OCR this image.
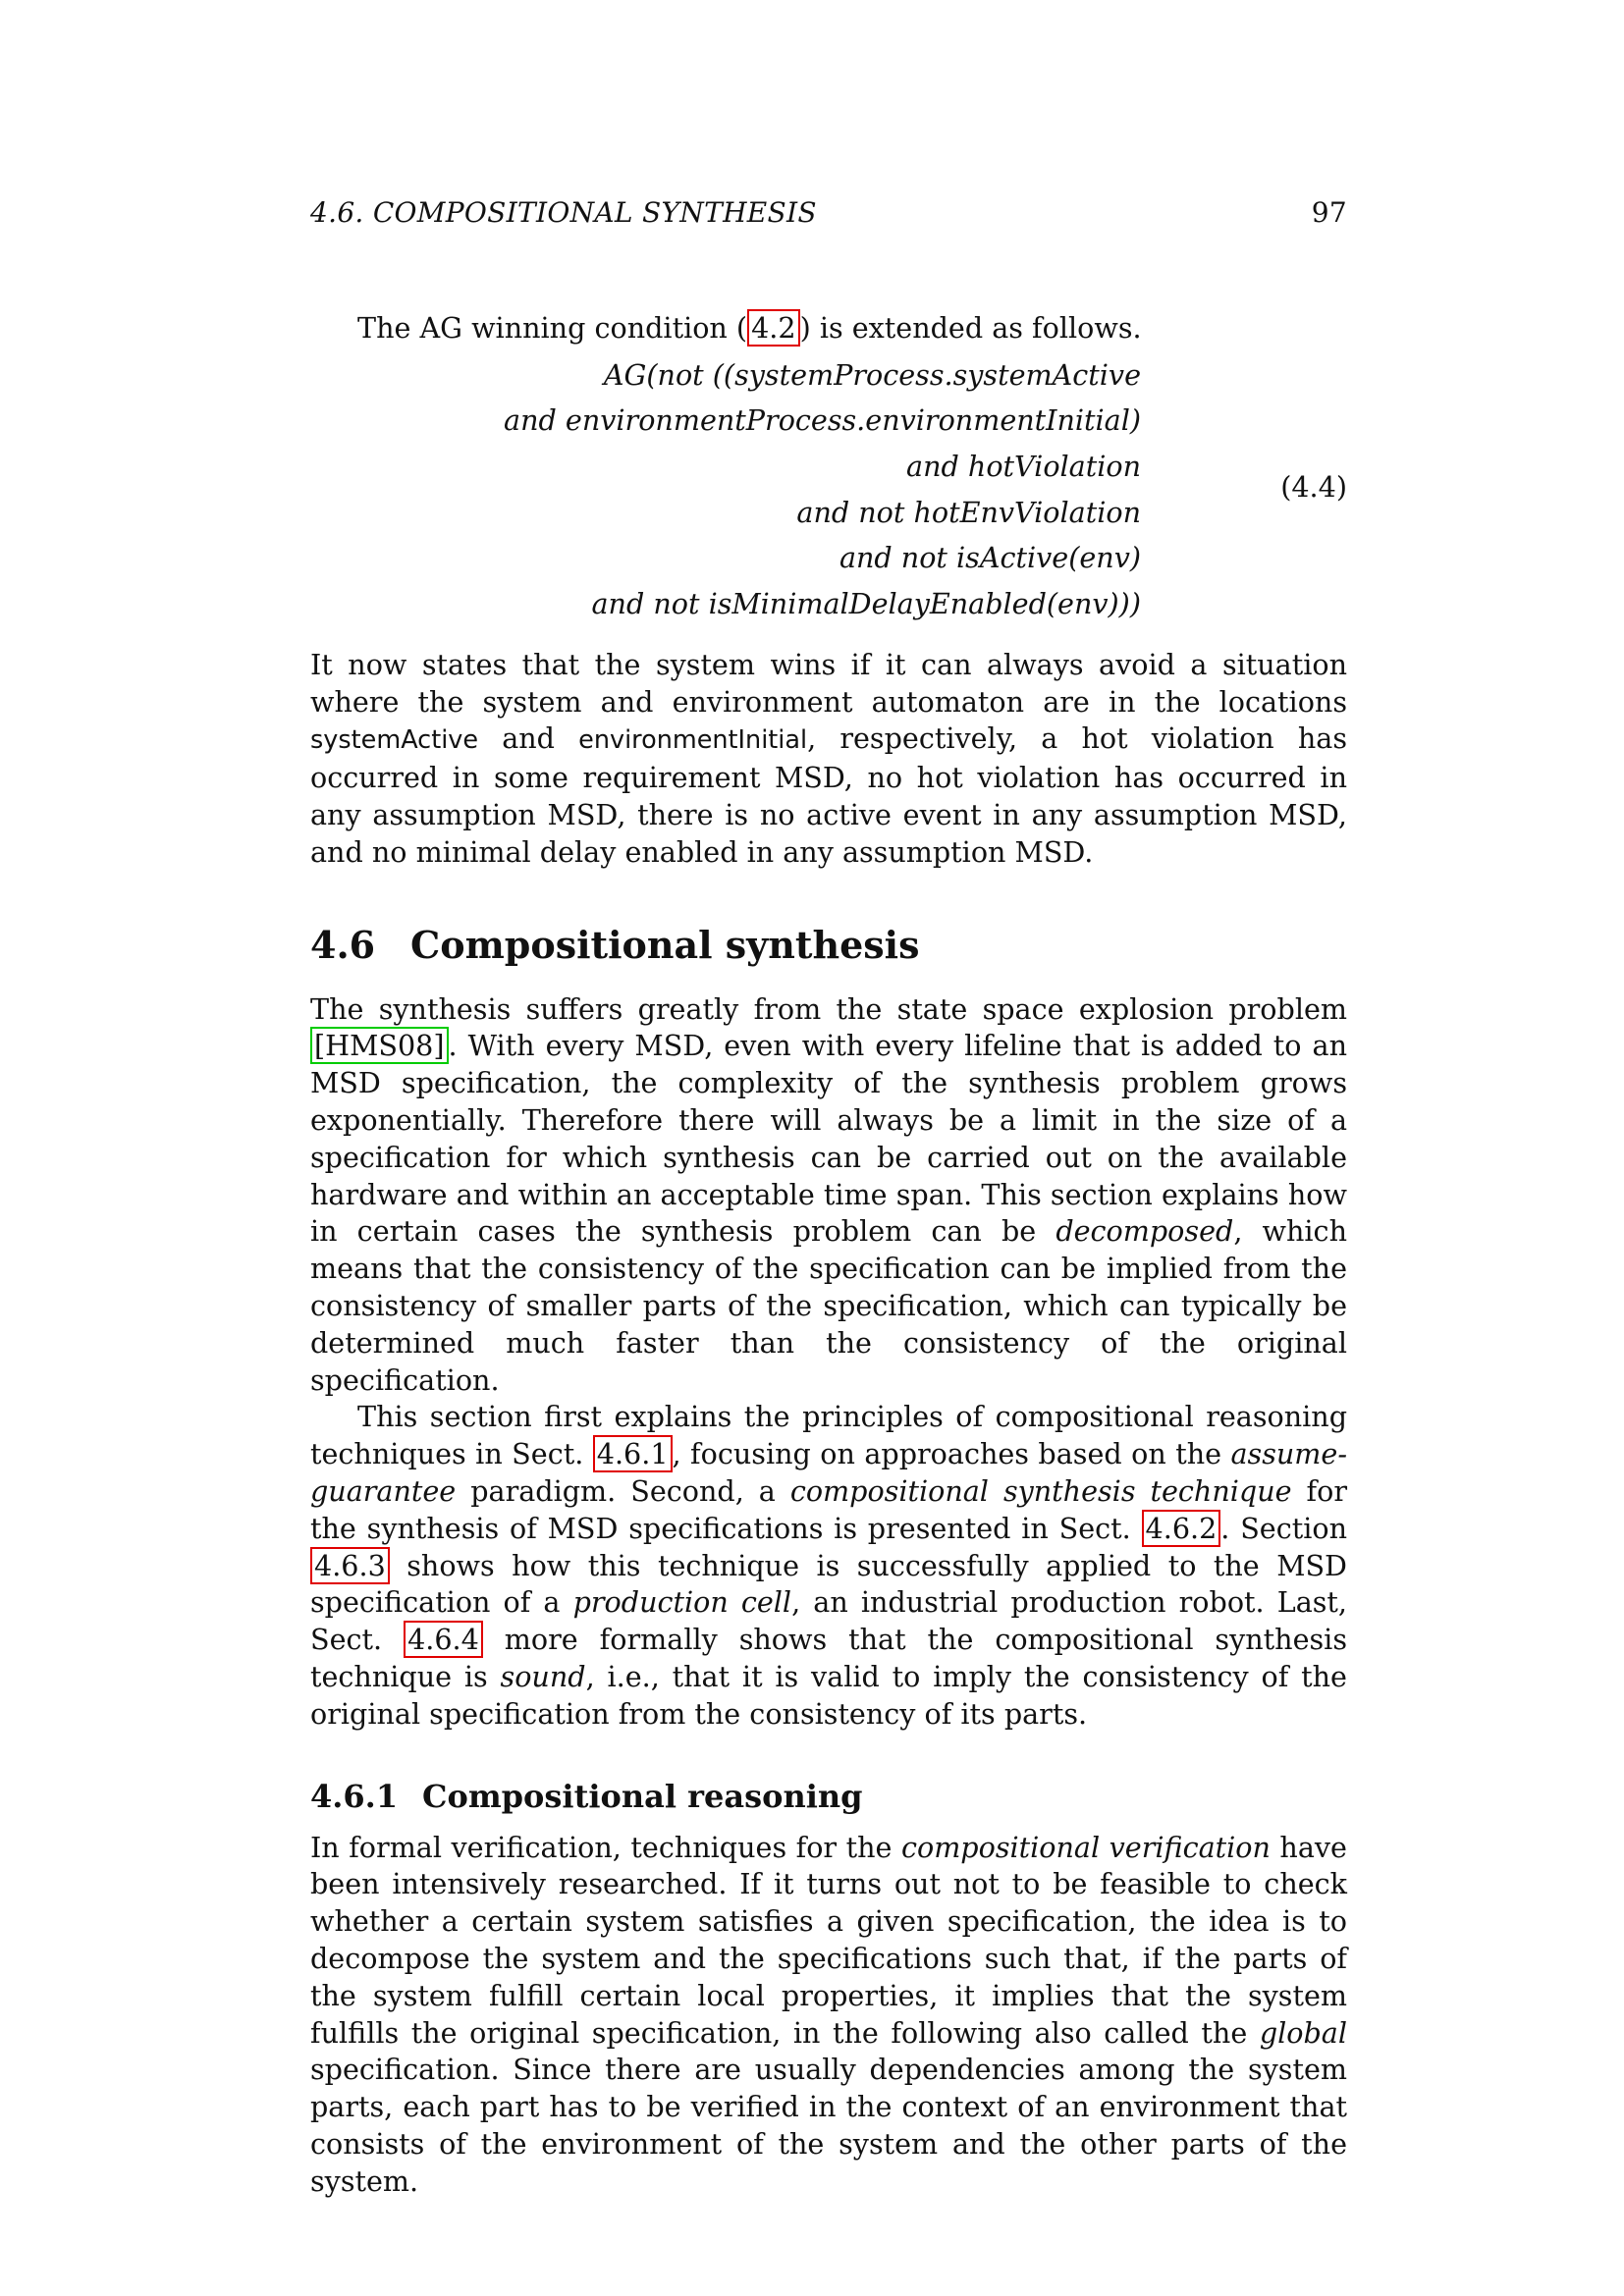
4.6. COMPOSITIONAL SYNTHESIS	97

The AG winning condition ( 4.2 ) is extended as follows.

AG(not ((systemProcess.systemActive
and environmentProcess.environmentInitial)
and hotViolation
and not hotEnvViolation
and not isActive(env)
and not isMinimalDelayEnabled(env)))
(4.4)

It now states that the system wins if it can always avoid a situation where the system and environment automaton are in the locations systemActive and environmentInitial, respectively, a hot violation has occurred in some requirement MSD, no hot violation has occurred in any assumption MSD, there is no active event in any assumption MSD, and no minimal delay enabled in any assumption MSD.

4.6 Compositional synthesis

The synthesis suffers greatly from the state space explosion problem [HMS08] . With every MSD, even with every lifeline that is added to an MSD specification, the complexity of the synthesis problem grows exponentially. Therefore there will always be a limit in the size of a specification for which synthesis can be carried out on the available hardware and within an acceptable time span. This section explains how in certain cases the synthesis problem can be decomposed, which means that the consistency of the specification can be implied from the consistency of smaller parts of the specification, which can typically be determined much faster than the consistency of the original specification.

This section first explains the principles of compositional reasoning techniques in Sect. 4.6.1 , focusing on approaches based on the assume-guarantee paradigm. Second, a compositional synthesis technique for the synthesis of MSD specifications is presented in Sect. 4.6.2 . Section 4.6.3 shows how this technique is successfully applied to the MSD specification of a production cell, an industrial production robot. Last, Sect. 4.6.4 more formally shows that the compositional synthesis technique is sound, i.e., that it is valid to imply the consistency of the original specification from the consistency of its parts.

4.6.1 Compositional reasoning

In formal verification, techniques for the compositional verification have been intensively researched. If it turns out not to be feasible to check whether a certain system satisfies a given specification, the idea is to decompose the system and the specifications such that, if the parts of the system fulfill certain local properties, it implies that the system fulfills the original specification, in the following also called the global specification. Since there are usually dependencies among the system parts, each part has to be verified in the context of an environment that consists of the environment of the system and the other parts of the system.
